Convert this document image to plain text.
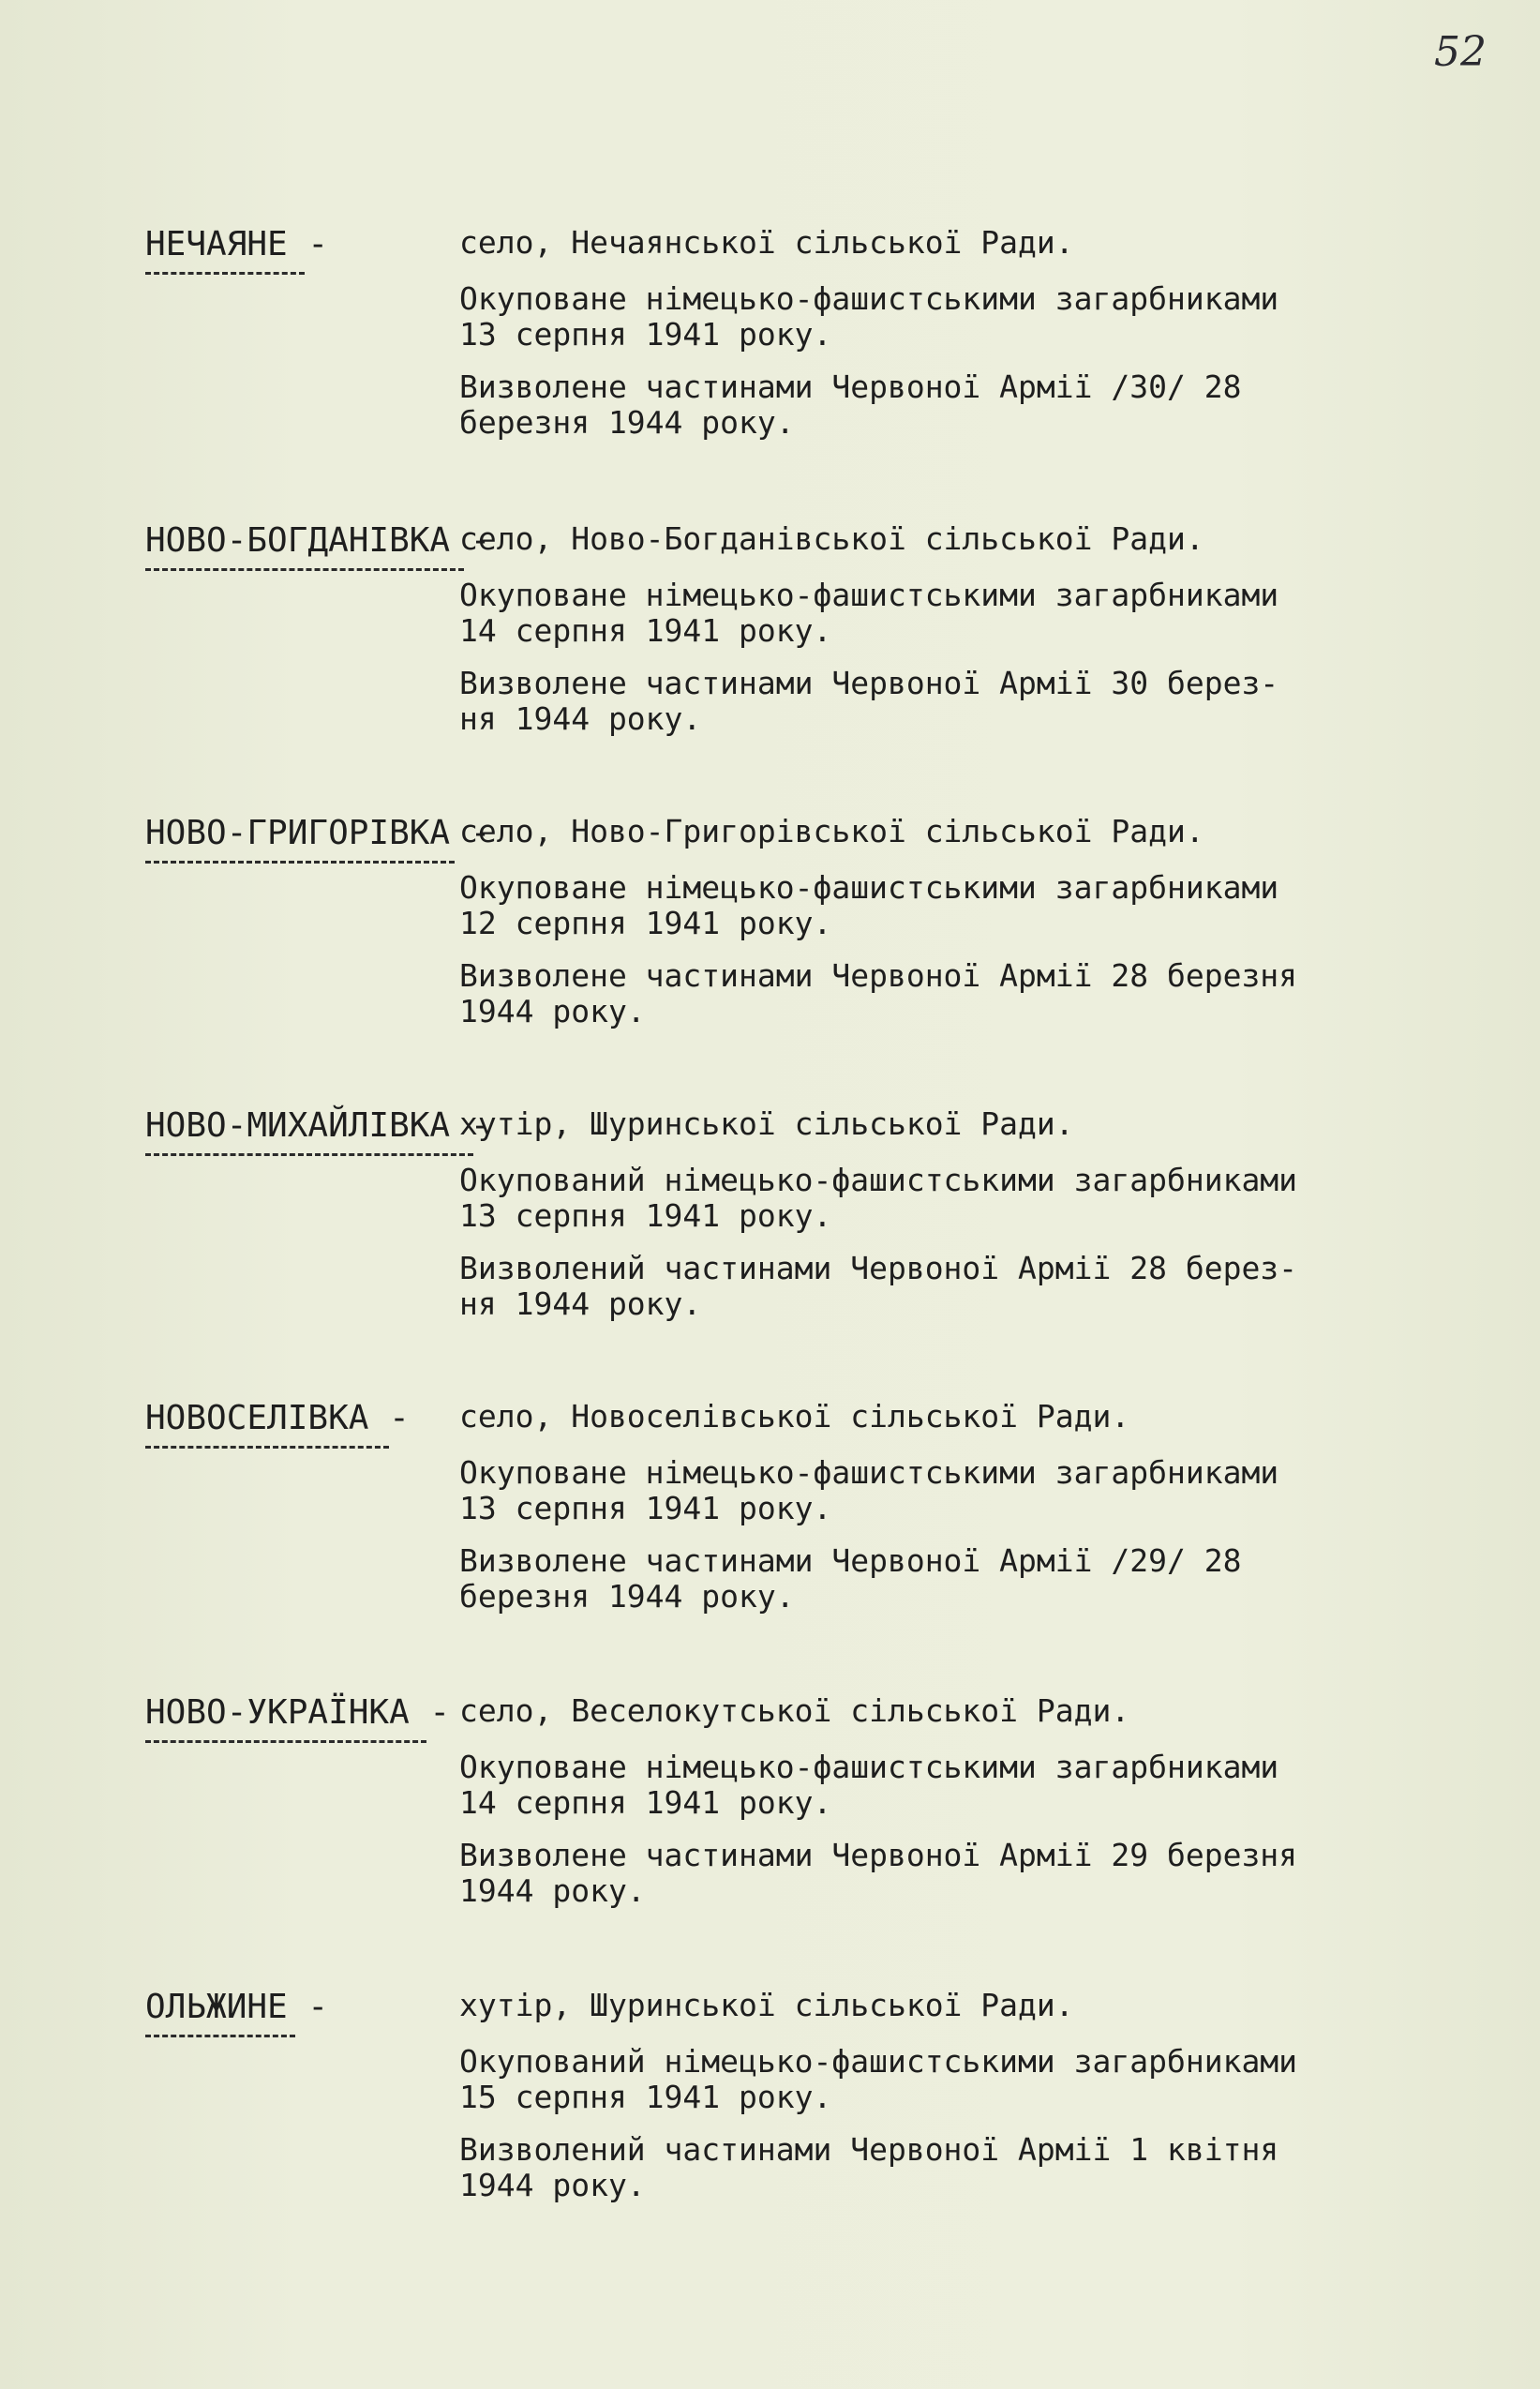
52
НЕЧАЯНЕ -	село, Нечаянської сільської Ради.
Окуповане німецько-фашистськими загарбниками
13 серпня 1941 року.
Визволене частинами Червоної Армії /30/ 28
березня 1944 року.
НОВО-БОГДАНІВКА -
село, Ново-Богданівської сільської Ради.
Окуповане німецько-фашистськими загарбниками
14 серпня 1941 року.
Визволене частинами Червоної Армії 30 берез-
ня 1944 року.
НОВО-ГРИГОРІВКА -
село, Ново-Григорівської сільської Ради.
Окуповане німецько-фашистськими загарбниками
12 серпня 1941 року.
Визволене частинами Червоної Армії 28 березня
1944 року.
НОВО-МИХАЙЛІВКА -
хутір, Шуринської сільської Ради.
Окупований німецько-фашистськими загарбниками
13 серпня 1941 року.
Визволений частинами Червоної Армії 28 берез-
ня 1944 року.
НОВОСЕЛІВКА - село, Новоселівської сільської Ради.
Окуповане німецько-фашистськими загарбниками
13 серпня 1941 року.
Визволене частинами Червоної Армії /29/ 28
березня 1944 року.
НОВО-УКРАЇНКА - село, Веселокутської сільської Ради.
Окуповане німецько-фашистськими загарбниками
14 серпня 1941 року.
Визволене частинами Червоної Армії 29 березня
1944 року.
ОЛЬЖИНЕ -	хутір, Шуринської сільської Ради.
Окупований німецько-фашистськими загарбниками
15 серпня 1941 року.
Визволений частинами Червоної Армії 1 квітня
1944 року.
